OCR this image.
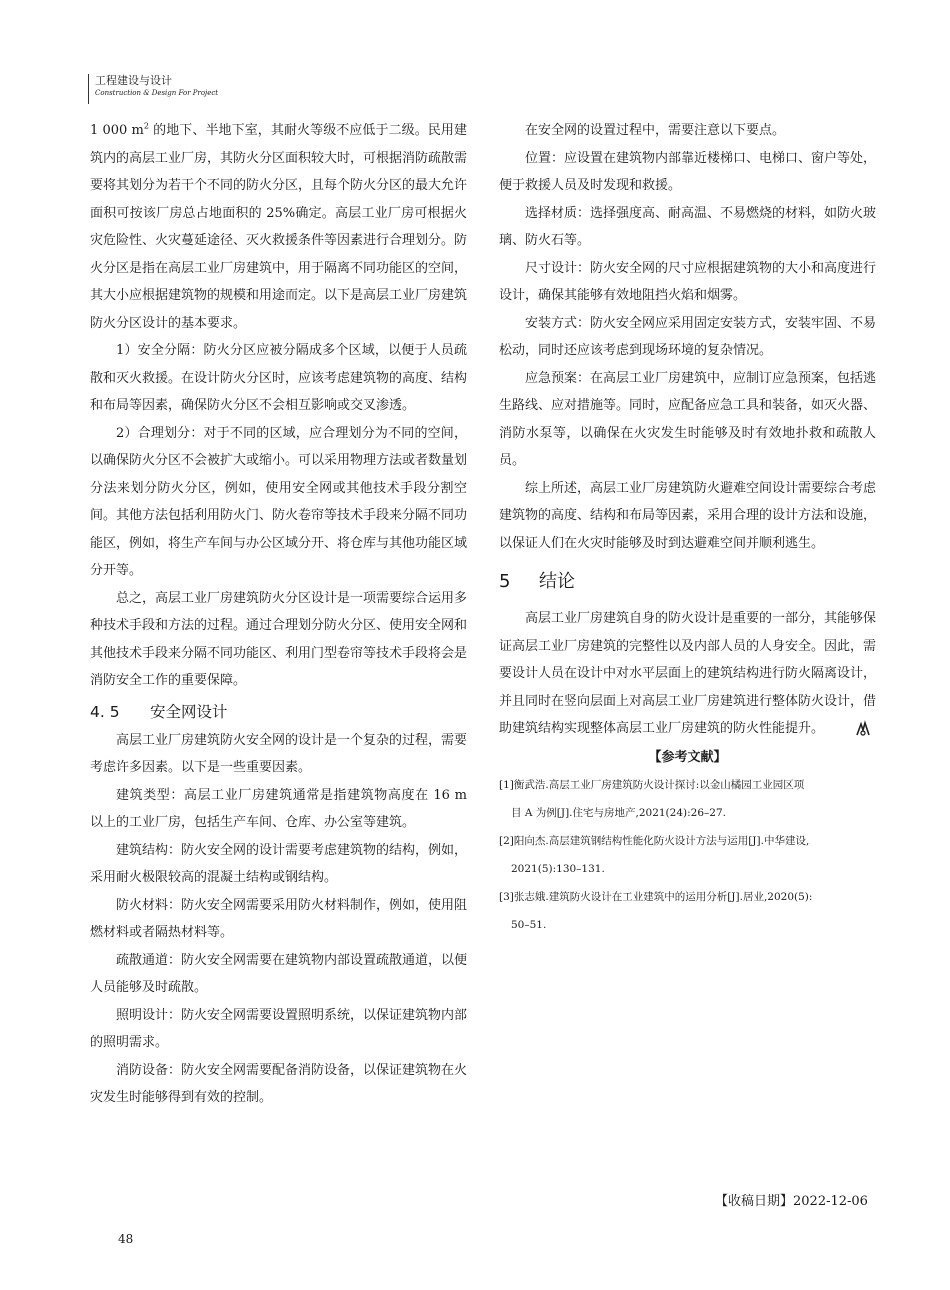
工程建设与设计
Construction & Design For Project

1 000 $m^2$ 的地下、半地下室，其耐火等级不应低于二级。民用建筑内的高层工业厂房，其防火分区面积较大时，可根据消防疏散需要将其划分为若干个不同的防火分区，且每个防火分区的最大允许面积可按该厂房总占地面积的 25%确定。高层工业厂房可根据火灾危险性、火灾蔓延途径、灭火救援条件等因素进行合理划分。防火分区是指在高层工业厂房建筑中，用于隔离不同功能区的空间，其大小应根据建筑物的规模和用途而定。以下是高层工业厂房建筑防火分区设计的基本要求。

1）安全分隔：防火分区应被分隔成多个区域，以便于人员疏散和灭火救援。在设计防火分区时，应该考虑建筑物的高度、结构和布局等因素，确保防火分区不会相互影响或交叉渗透。

2）合理划分：对于不同的区域，应合理划分为不同的空间，以确保防火分区不会被扩大或缩小。可以采用物理方法或者数量划分法来划分防火分区，例如，使用安全网或其他技术手段分割空间。其他方法包括利用防火门、防火卷帘等技术手段来分隔不同功能区，例如，将生产车间与办公区域分开、将仓库与其他功能区域分开等。

总之，高层工业厂房建筑防火分区设计是一项需要综合运用多种技术手段和方法的过程。通过合理划分防火分区、使用安全网和其他技术手段来分隔不同功能区、利用门型卷帘等技术手段将会是消防安全工作的重要保障。

4. 5 安全网设计

高层工业厂房建筑防火安全网的设计是一个复杂的过程，需要考虑许多因素。以下是一些重要因素。

建筑类型：高层工业厂房建筑通常是指建筑物高度在 16 m 以上的工业厂房，包括生产车间、仓库、办公室等建筑。

建筑结构：防火安全网的设计需要考虑建筑物的结构，例如，采用耐火极限较高的混凝土结构或钢结构。

防火材料：防火安全网需要采用防火材料制作，例如，使用阻燃材料或者隔热材料等。

疏散通道：防火安全网需要在建筑物内部设置疏散通道，以便人员能够及时疏散。

照明设计：防火安全网需要设置照明系统，以保证建筑物内部的照明需求。

消防设备：防火安全网需要配备消防设备，以保证建筑物在火灾发生时能够得到有效的控制。

在安全网的设置过程中，需要注意以下要点。

位置：应设置在建筑物内部靠近楼梯口、电梯口、窗户等处，便于救援人员及时发现和救援。

选择材质：选择强度高、耐高温、不易燃烧的材料，如防火玻璃、防火石等。

尺寸设计：防火安全网的尺寸应根据建筑物的大小和高度进行设计，确保其能够有效地阻挡火焰和烟雾。

安装方式：防火安全网应采用固定安装方式，安装牢固、不易松动，同时还应该考虑到现场环境的复杂情况。

应急预案：在高层工业厂房建筑中，应制订应急预案，包括逃生路线、应对措施等。同时，应配备应急工具和装备，如灭火器、消防水泵等，以确保在火灾发生时能够及时有效地扑救和疏散人员。

综上所述，高层工业厂房建筑防火避难空间设计需要综合考虑建筑物的高度、结构和布局等因素，采用合理的设计方法和设施，以保证人们在火灾时能够及时到达避难空间并顺利逃生。

5 结论

高层工业厂房建筑自身的防火设计是重要的一部分，其能够保证高层工业厂房建筑的完整性以及内部人员的人身安全。因此，需要设计人员在设计中对水平层面上的建筑结构进行防火隔离设计，并且同时在竖向层面上对高层工业厂房建筑进行整体防火设计，借助建筑结构实现整体高层工业厂房建筑的防火性能提升。

【参考文献】
[1]衡武浩.高层工业厂房建筑防火设计探讨:以金山橘园工业园区项
目 A 为例[J].住宅与房地产,2021(24):26–27.
[2]阳向杰.高层建筑钢结构性能化防火设计方法与运用[J].中华建设,
2021(5):130–131.
[3]张志娥.建筑防火设计在工业建筑中的运用分析[J].居业,2020(5):
50–51.
【收稿日期】2022-12-06
48
